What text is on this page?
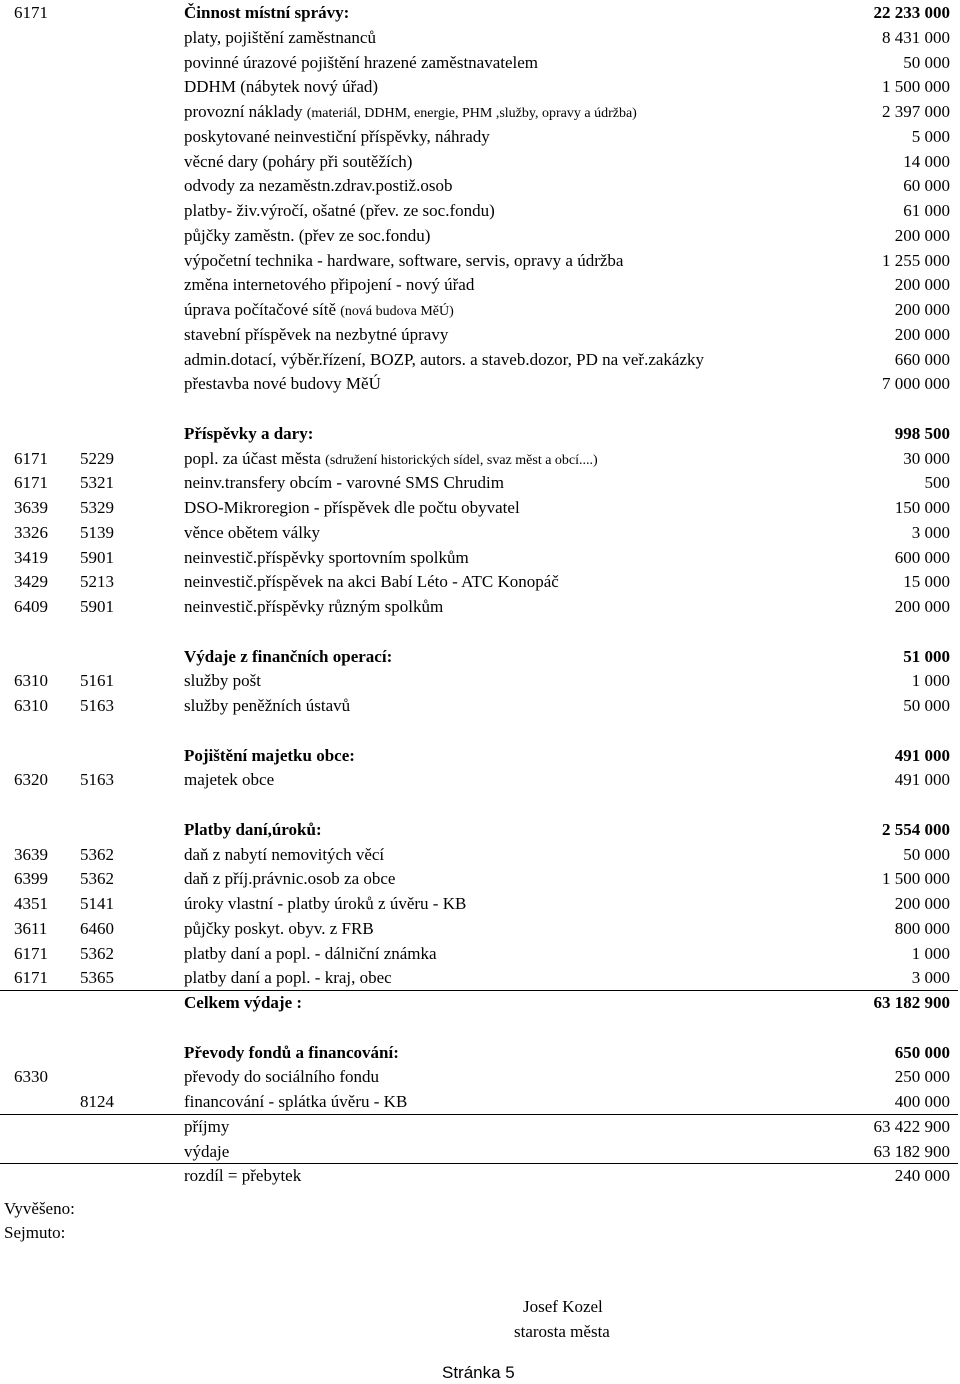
6171	Činnost místní správy:	22 233 000
platy, pojištění zaměstnanců	8 431 000
povinné úrazové pojištění hrazené zaměstnavatelem	50 000
DDHM (nábytek nový úřad)	1 500 000
provozní náklady (materiál, DDHM, energie, PHM ,služby, opravy a údržba)	2 397 000
poskytované neinvestiční příspěvky, náhrady	5 000
věcné dary (poháry při soutěžích)	14 000
odvody za nezaměstn.zdrav.postiž.osob	60 000
platby- živ.výročí, ošatné (přev. ze soc.fondu)	61 000
půjčky zaměstn. (přev ze soc.fondu)	200 000
výpočetní technika - hardware, software, servis, opravy a údržba	1 255 000
změna internetového připojení - nový úřad	200 000
úprava počítačové sítě (nová budova MěÚ)	200 000
stavební příspěvek na nezbytné úpravy	200 000
admin.dotací, výběr.řízení, BOZP, autors. a staveb.dozor, PD na veř.zakázky	660 000
přestavba nové budovy MěÚ	7 000 000
Příspěvky a dary:	998 500
6171 5229	popl. za účast města (sdružení historických sídel, svaz měst a obcí....)	30 000
6171 5321	neinv.transfery obcím - varovné SMS Chrudim	500
3639 5329	DSO-Mikroregion - příspěvek dle počtu obyvatel	150 000
3326 5139	věnce obětem války	3 000
3419 5901	neinvestič.příspěvky sportovním spolkům	600 000
3429 5213	neinvestič.příspěvek na akci Babí Léto - ATC Konopáč	15 000
6409 5901	neinvestič.příspěvky různým spolkům	200 000
Výdaje z finančních operací:	51 000
6310 5161	služby pošt	1 000
6310 5163	služby peněžních ústavů	50 000
Pojištění majetku obce:	491 000
6320 5163	majetek obce	491 000
Platby daní,úroků:	2 554 000
3639 5362	daň z nabytí nemovitých věcí	50 000
6399 5362	daň z příj.právnic.osob za obce	1 500 000
4351 5141	úroky vlastní - platby úroků z úvěru - KB	200 000
3611 6460	půjčky poskyt. obyv. z FRB	800 000
6171 5362	platby daní a popl. - dálniční známka	1 000
6171 5365	platby daní a popl. - kraj, obec	3 000
Celkem výdaje :	63 182 900
Převody fondů a financování:	650 000
6330	převody do sociálního fondu	250 000
8124	financování - splátka úvěru - KB	400 000
příjmy	63 422 900
výdaje	63 182 900
rozdíl = přebytek	240 000
Vyvěšeno:
Sejmuto:
Josef Kozel
starosta města
Stránka 5
